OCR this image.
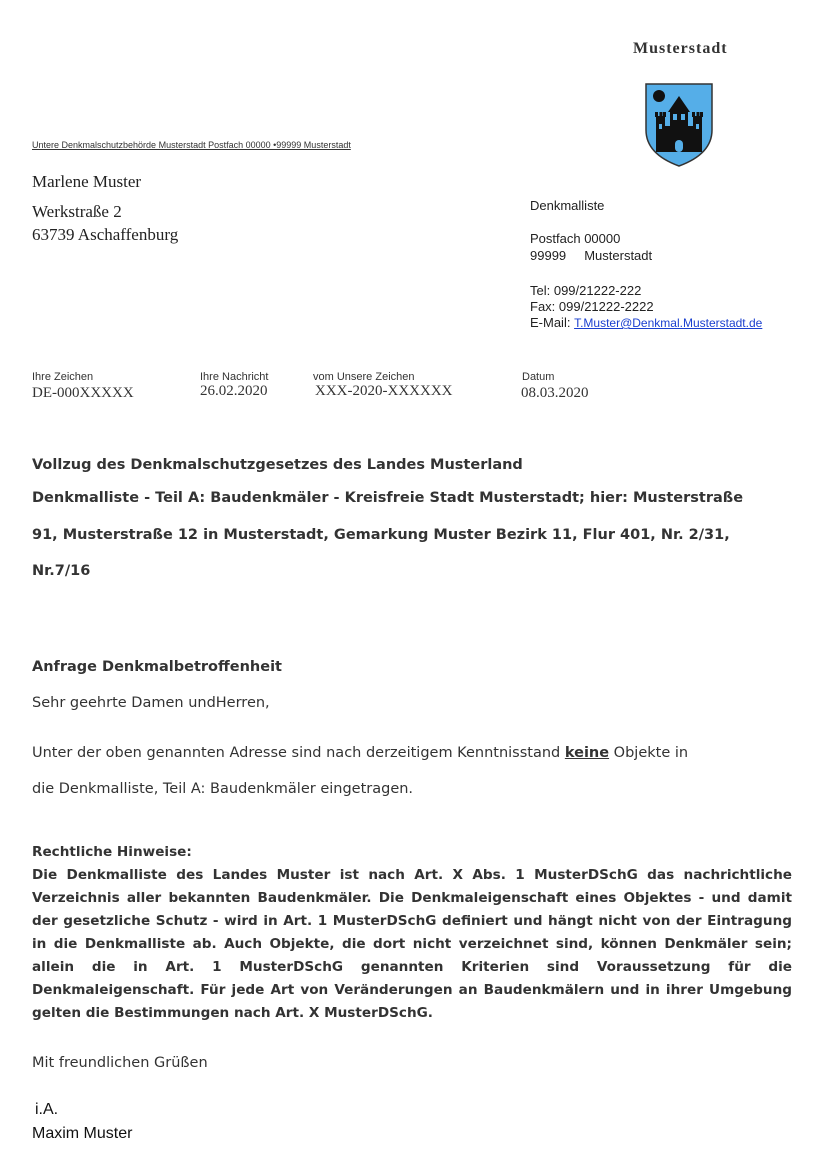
Musterstadt
Untere Denkmalschutzbehörde Musterstadt Postfach 00000 •99999 Musterstadt
Marlene Muster
Werkstraße 2
63739 Aschaffenburg
Denkmalliste
Postfach 00000
99999 Musterstadt
Tel: 099/21222-222
Fax: 099/21222-2222
E-Mail: T.Muster@Denkmal.Musterstadt.de
Ihre Zeichen
DE-000XXXXX
Ihre Nachricht
26.02.2020
vom Unsere Zeichen
XXX-2020-XXXXXX
Datum
08.03.2020
Vollzug des Denkmalschutzgesetzes des Landes Musterland
Denkmalliste - Teil A: Baudenkmäler - Kreisfreie Stadt Musterstadt; hier: Musterstraße
91, Musterstraße 12 in Musterstadt, Gemarkung Muster Bezirk 11, Flur 401, Nr. 2/31,
Nr.7/16
Anfrage Denkmalbetroffenheit
Sehr geehrte Damen undHerren,
Unter der oben genannten Adresse sind nach derzeitigem Kenntnisstand keine Objekte in
die Denkmalliste, Teil A: Baudenkmäler eingetragen.
Rechtliche Hinweise:
Die Denkmalliste des Landes Muster ist nach Art. X Abs. 1 MusterDSchG das nachrichtliche Verzeichnis aller bekannten Baudenkmäler. Die Denkmaleigenschaft eines Objektes - und damit der gesetzliche Schutz - wird in Art. 1 MusterDSchG definiert und hängt nicht von der Eintragung in die Denkmalliste ab. Auch Objekte, die dort nicht verzeichnet sind, können Denkmäler sein; allein die in Art. 1 MusterDSchG genannten Kriterien sind Voraussetzung für die Denkmaleigenschaft. Für jede Art von Veränderungen an Baudenkmälern und in ihrer Umgebung gelten die Bestimmungen nach Art. X MusterDSchG.
Mit freundlichen Grüßen
i.A.
Maxim Muster
